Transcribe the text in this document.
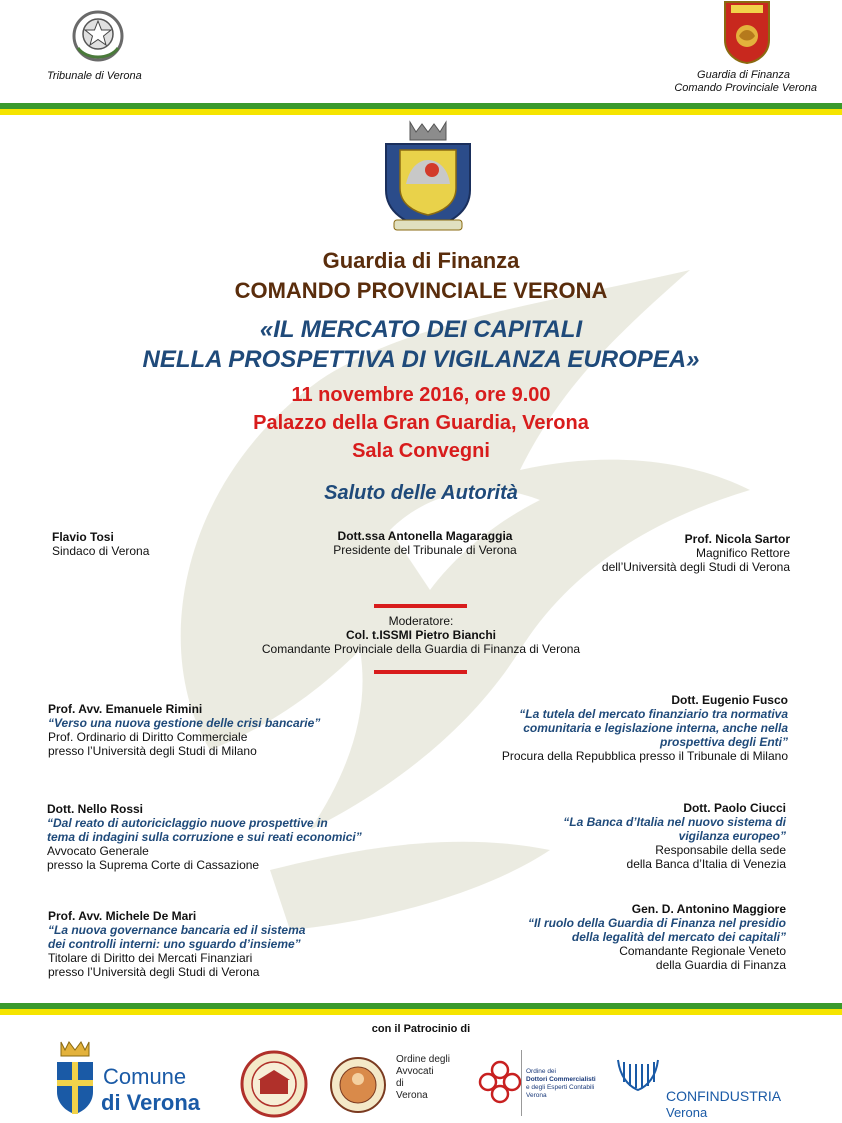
Tribunale di Verona	Guardia di Finanza
Comando Provinciale Verona
Guardia di Finanza
COMANDO PROVINCIALE VERONA
«IL MERCATO DEI CAPITALI
NELLA PROSPETTIVA DI VIGILANZA EUROPEA»
11 novembre 2016, ore 9.00
Palazzo della Gran Guardia, Verona
Sala Convegni
Saluto delle Autorità
Flavio Tosi
Sindaco di Verona
Dott.ssa Antonella Magaraggia
Presidente del Tribunale di Verona
Prof. Nicola Sartor
Magnifico Rettore
dell’Università degli Studi di Verona
Moderatore:
Col. t.ISSMI Pietro Bianchi
Comandante Provinciale della Guardia di Finanza di Verona
Prof. Avv. Emanuele Rimini
“Verso una nuova gestione delle crisi bancarie”
Prof. Ordinario di Diritto Commerciale
presso l’Università degli Studi di Milano
Dott. Nello Rossi
“Dal reato di autoriciclaggio nuove prospettive in
tema di indagini sulla corruzione e sui reati economici”
Avvocato Generale
presso la Suprema Corte di Cassazione
Prof. Avv. Michele De Mari
“La nuova governance bancaria ed il sistema
dei controlli interni: uno sguardo d’insieme”
Titolare di Diritto dei Mercati Finanziari
presso l’Università degli Studi di Verona
Dott. Eugenio Fusco
“La tutela del mercato finanziario tra normativa
comunitaria e legislazione interna, anche nella
prospettiva degli Enti”
Procura della Repubblica presso il Tribunale di Milano
Dott. Paolo Ciucci
“La Banca d’Italia nel nuovo sistema di
vigilanza europeo”
Responsabile della sede
della Banca d’Italia di Venezia
Gen. D. Antonino Maggiore
“Il ruolo della Guardia di Finanza nel presidio
della legalità del mercato dei capitali”
Comandante Regionale Veneto
della Guardia di Finanza
con il Patrocinio di
Comune
di Verona
Ordine degli
Avvocati
di
Verona
Ordine dei
Dottori Commercialisti
e degli Esperti Contabili
Verona	CONFINDUSTRIA
Verona
